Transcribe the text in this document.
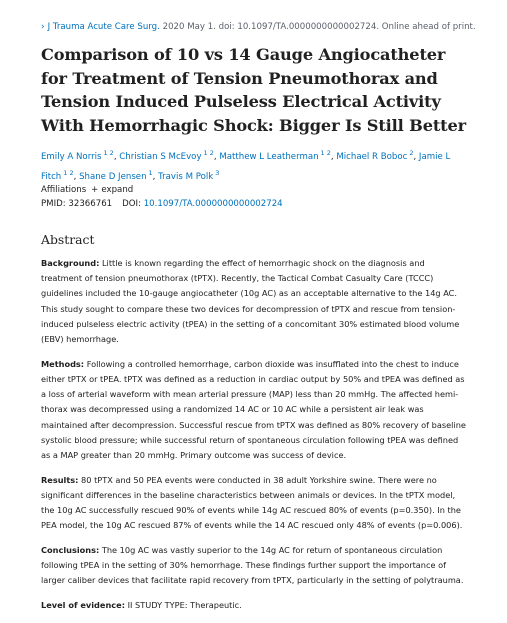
› J Trauma Acute Care Surg. 2020 May 1. doi: 10.1097/TA.0000000000002724. Online ahead of print.
Comparison of 10 vs 14 Gauge Angiocatheter for Treatment of Tension Pneumothorax and Tension Induced Pulseless Electrical Activity With Hemorrhagic Shock: Bigger Is Still Better
Emily A Norris $^{1 2}$, Christian S McEvoy $^{1 2}$, Matthew L Leatherman $^{1 2}$, Michael R Boboc $^2$, Jamie L Fitch $^{1 2}$, Shane D Jensen $^1$, Travis M Polk $^3$
Affiliations + expand
PMID: 32366761 DOI: 10.1097/TA.0000000000002724
Abstract

Background: Little is known regarding the effect of hemorrhagic shock on the diagnosis and treatment of tension pneumothorax (tPTX). Recently, the Tactical Combat Casualty Care (TCCC) guidelines included the 10-gauge angiocatheter (10g AC) as an acceptable alternative to the 14g AC. This study sought to compare these two devices for decompression of tPTX and rescue from tension-induced pulseless electric activity (tPEA) in the setting of a concomitant 30% estimated blood volume (EBV) hemorrhage.

Methods: Following a controlled hemorrhage, carbon dioxide was insufflated into the chest to induce either tPTX or tPEA. tPTX was defined as a reduction in cardiac output by 50% and tPEA was defined as a loss of arterial waveform with mean arterial pressure (MAP) less than 20 mmHg. The affected hemi-thorax was decompressed using a randomized 14 AC or 10 AC while a persistent air leak was maintained after decompression. Successful rescue from tPTX was defined as 80% recovery of baseline systolic blood pressure; while successful return of spontaneous circulation following tPEA was defined as a MAP greater than 20 mmHg. Primary outcome was success of device.

Results: 80 tPTX and 50 PEA events were conducted in 38 adult Yorkshire swine. There were no significant differences in the baseline characteristics between animals or devices. In the tPTX model, the 10g AC successfully rescued 90% of events while 14g AC rescued 80% of events (p=0.350). In the PEA model, the 10g AC rescued 87% of events while the 14 AC rescued only 48% of events (p=0.006).

Conclusions: The 10g AC was vastly superior to the 14g AC for return of spontaneous circulation following tPEA in the setting of 30% hemorrhage. These findings further support the importance of larger caliber devices that facilitate rapid recovery from tPTX, particularly in the setting of polytrauma.

Level of evidence: II STUDY TYPE: Therapeutic.
